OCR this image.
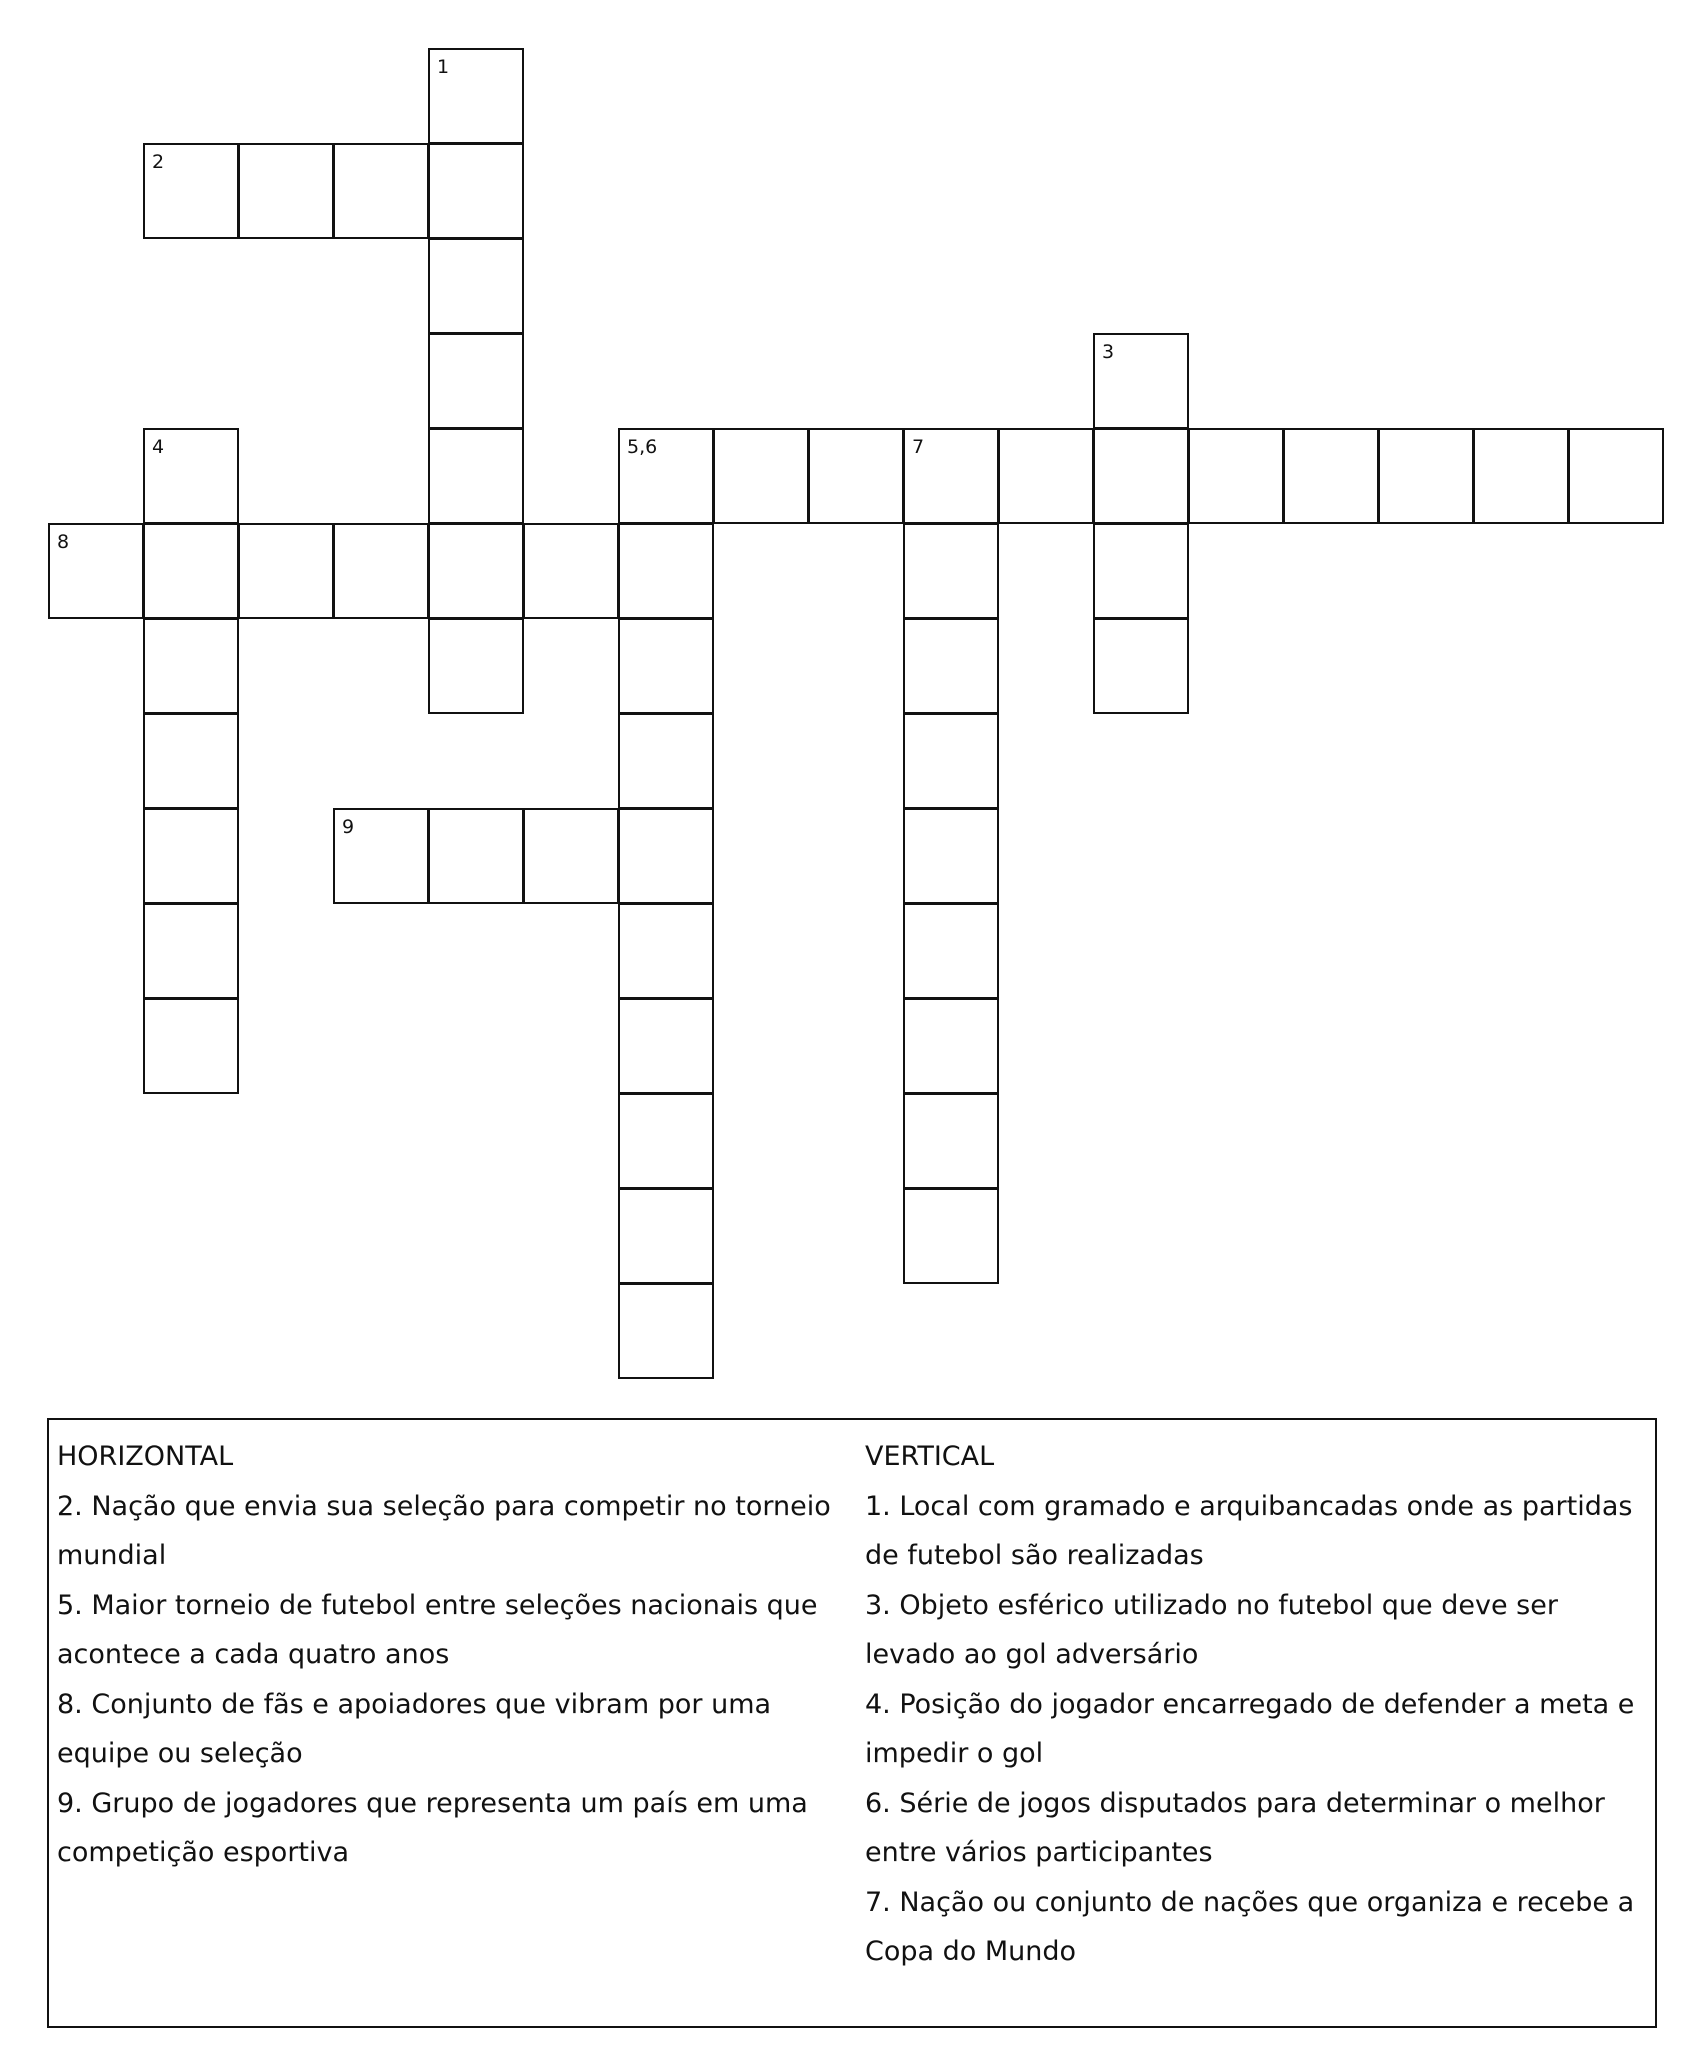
1
2
3
4	5,6	7
8
9
HORIZONTAL
2. Nação que envia sua seleção para competir no torneio mundial
5. Maior torneio de futebol entre seleções nacionais que acontece a cada quatro anos
8. Conjunto de fãs e apoiadores que vibram por uma equipe ou seleção
9. Grupo de jogadores que representa um país em uma competição esportiva
VERTICAL
1. Local com gramado e arquibancadas onde as partidas de futebol são realizadas
3. Objeto esférico utilizado no futebol que deve ser levado ao gol adversário
4. Posição do jogador encarregado de defender a meta e impedir o gol
6. Série de jogos disputados para determinar o melhor entre vários participantes
7. Nação ou conjunto de nações que organiza e recebe a Copa do Mundo
